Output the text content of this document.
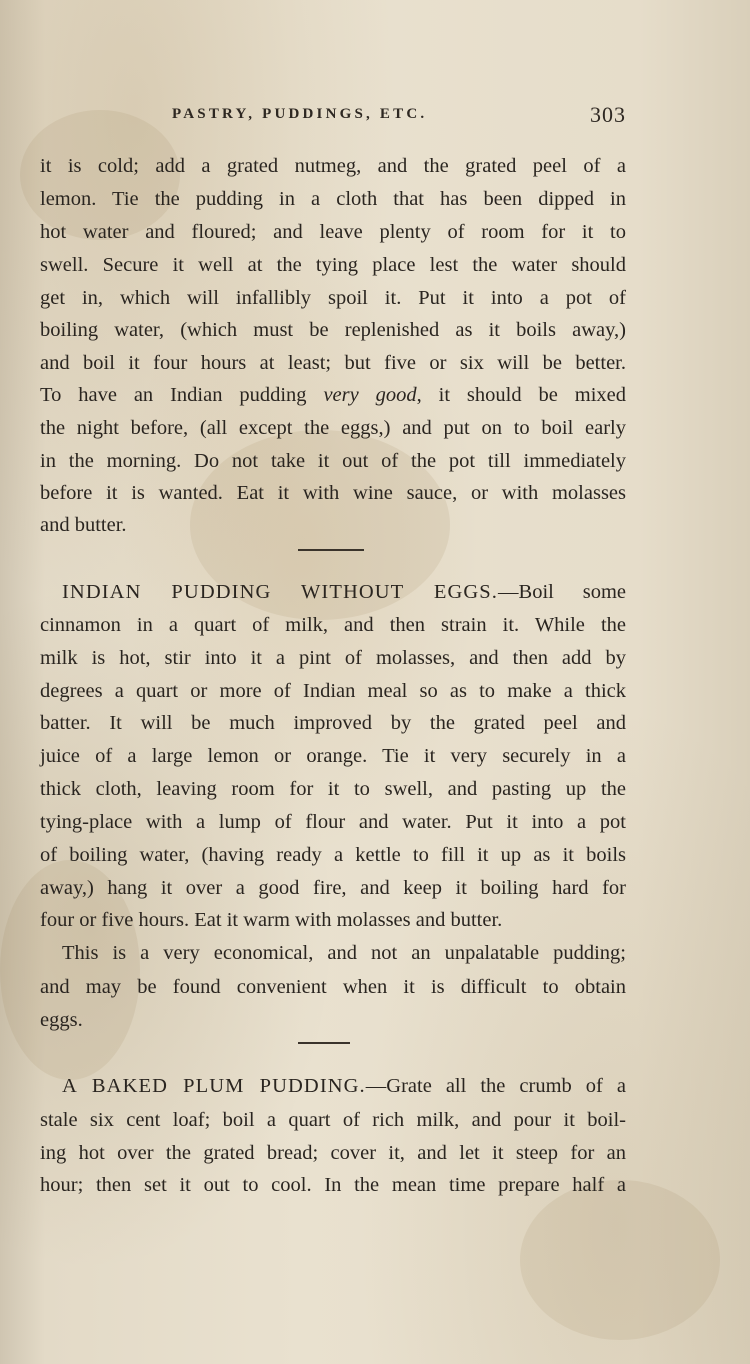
PASTRY, PUDDINGS, ETC.	303
it is cold; add a grated nutmeg, and the grated peel of a
lemon. Tie the pudding in a cloth that has been dipped in
hot water and floured; and leave plenty of room for it to
swell. Secure it well at the tying place lest the water should
get in, which will infallibly spoil it. Put it into a pot of
boiling water, (which must be replenished as it boils away,)
and boil it four hours at least; but five or six will be better.
To have an Indian pudding very good, it should be mixed
the night before, (all except the eggs,) and put on to boil early
in the morning. Do not take it out of the pot till immediately
before it is wanted. Eat it with wine sauce, or with molasses
and butter.
INDIAN PUDDING WITHOUT EGGS.—Boil some
cinnamon in a quart of milk, and then strain it. While the
milk is hot, stir into it a pint of molasses, and then add by
degrees a quart or more of Indian meal so as to make a thick
batter. It will be much improved by the grated peel and
juice of a large lemon or orange. Tie it very securely in a
thick cloth, leaving room for it to swell, and pasting up the
tying-place with a lump of flour and water. Put it into a pot
of boiling water, (having ready a kettle to fill it up as it boils
away,) hang it over a good fire, and keep it boiling hard for
four or five hours. Eat it warm with molasses and butter.
This is a very economical, and not an unpalatable pudding;
and may be found convenient when it is difficult to obtain
eggs.
A BAKED PLUM PUDDING.—Grate all the crumb of a
stale six cent loaf; boil a quart of rich milk, and pour it boil-
ing hot over the grated bread; cover it, and let it steep for an
hour; then set it out to cool. In the mean time prepare half a
